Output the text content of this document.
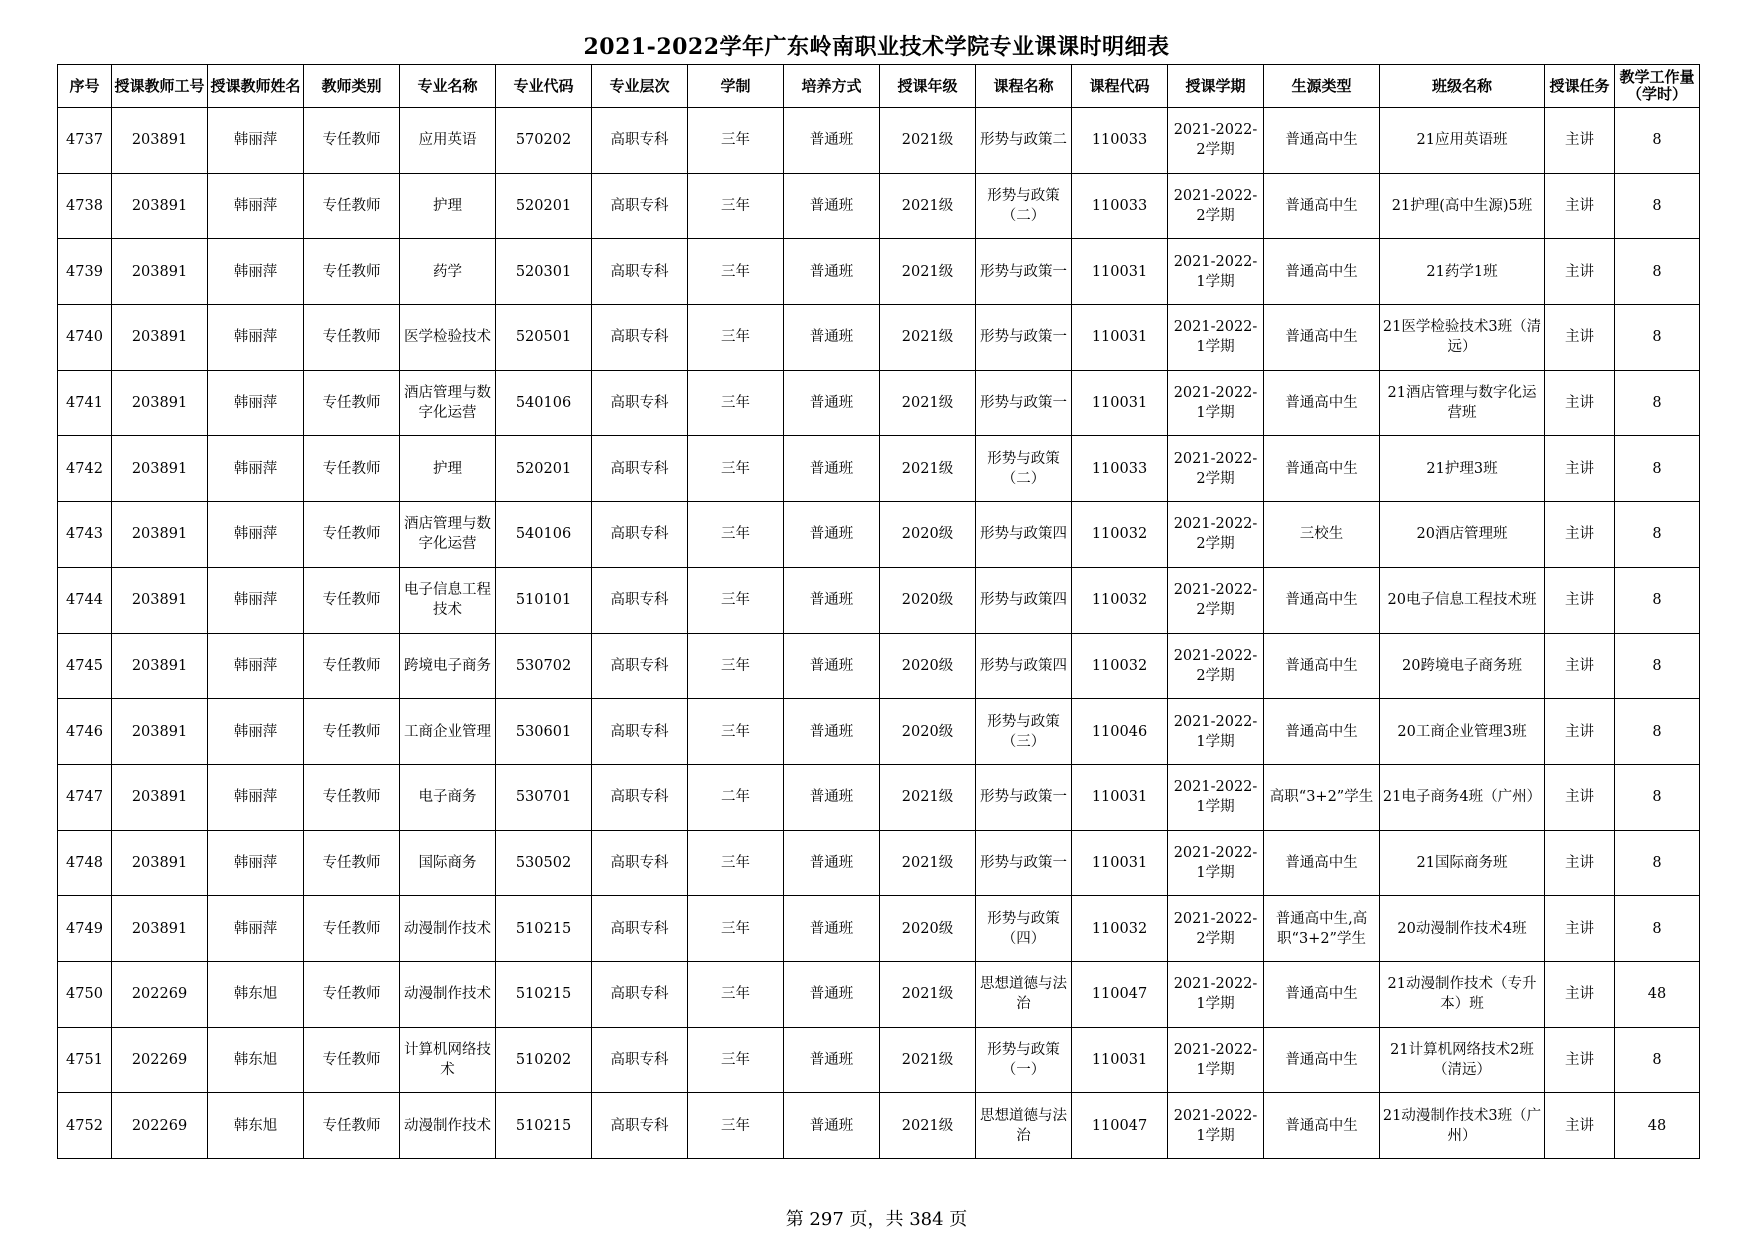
2021-2022学年广东岭南职业技术学院专业课课时明细表
序号	授课教师工号	授课教师姓名	教师类别	专业名称	专业代码	专业层次	学制	培养方式	授课年级	课程名称	课程代码	授课学期	生源类型	班级名称	授课任务	教学工作量（学时）
4737	203891	韩丽萍	专任教师	应用英语	570202	高职专科	三年	普通班	2021级	形势与政策二	110033	2021-2022-2学期	普通高中生	21应用英语班	主讲	8
4738	203891	韩丽萍	专任教师	护理	520201	高职专科	三年	普通班	2021级	形势与政策（二）	110033	2021-2022-2学期	普通高中生	21护理(高中生源)5班	主讲	8
4739	203891	韩丽萍	专任教师	药学	520301	高职专科	三年	普通班	2021级	形势与政策一	110031	2021-2022-1学期	普通高中生	21药学1班	主讲	8
4740	203891	韩丽萍	专任教师	医学检验技术	520501	高职专科	三年	普通班	2021级	形势与政策一	110031	2021-2022-1学期	普通高中生	21医学检验技术3班（清远）	主讲	8
4741	203891	韩丽萍	专任教师	酒店管理与数字化运营	540106	高职专科	三年	普通班	2021级	形势与政策一	110031	2021-2022-1学期	普通高中生	21酒店管理与数字化运营班	主讲	8
4742	203891	韩丽萍	专任教师	护理	520201	高职专科	三年	普通班	2021级	形势与政策（二）	110033	2021-2022-2学期	普通高中生	21护理3班	主讲	8
4743	203891	韩丽萍	专任教师	酒店管理与数字化运营	540106	高职专科	三年	普通班	2020级	形势与政策四	110032	2021-2022-2学期	三校生	20酒店管理班	主讲	8
4744	203891	韩丽萍	专任教师	电子信息工程技术	510101	高职专科	三年	普通班	2020级	形势与政策四	110032	2021-2022-2学期	普通高中生	20电子信息工程技术班	主讲	8
4745	203891	韩丽萍	专任教师	跨境电子商务	530702	高职专科	三年	普通班	2020级	形势与政策四	110032	2021-2022-2学期	普通高中生	20跨境电子商务班	主讲	8
4746	203891	韩丽萍	专任教师	工商企业管理	530601	高职专科	三年	普通班	2020级	形势与政策（三）	110046	2021-2022-1学期	普通高中生	20工商企业管理3班	主讲	8
4747	203891	韩丽萍	专任教师	电子商务	530701	高职专科	二年	普通班	2021级	形势与政策一	110031	2021-2022-1学期	高职“3+2”学生	21电子商务4班（广州）	主讲	8
4748	203891	韩丽萍	专任教师	国际商务	530502	高职专科	三年	普通班	2021级	形势与政策一	110031	2021-2022-1学期	普通高中生	21国际商务班	主讲	8
4749	203891	韩丽萍	专任教师	动漫制作技术	510215	高职专科	三年	普通班	2020级	形势与政策（四）	110032	2021-2022-2学期	普通高中生,高职“3+2”学生	20动漫制作技术4班	主讲	8
4750	202269	韩东旭	专任教师	动漫制作技术	510215	高职专科	三年	普通班	2021级	思想道德与法治	110047	2021-2022-1学期	普通高中生	21动漫制作技术（专升本）班	主讲	48
4751	202269	韩东旭	专任教师	计算机网络技术	510202	高职专科	三年	普通班	2021级	形势与政策（一）	110031	2021-2022-1学期	普通高中生	21计算机网络技术2班（清远）	主讲	8
4752	202269	韩东旭	专任教师	动漫制作技术	510215	高职专科	三年	普通班	2021级	思想道德与法治	110047	2021-2022-1学期	普通高中生	21动漫制作技术3班（广州）	主讲	48
第 297 页，共 384 页
